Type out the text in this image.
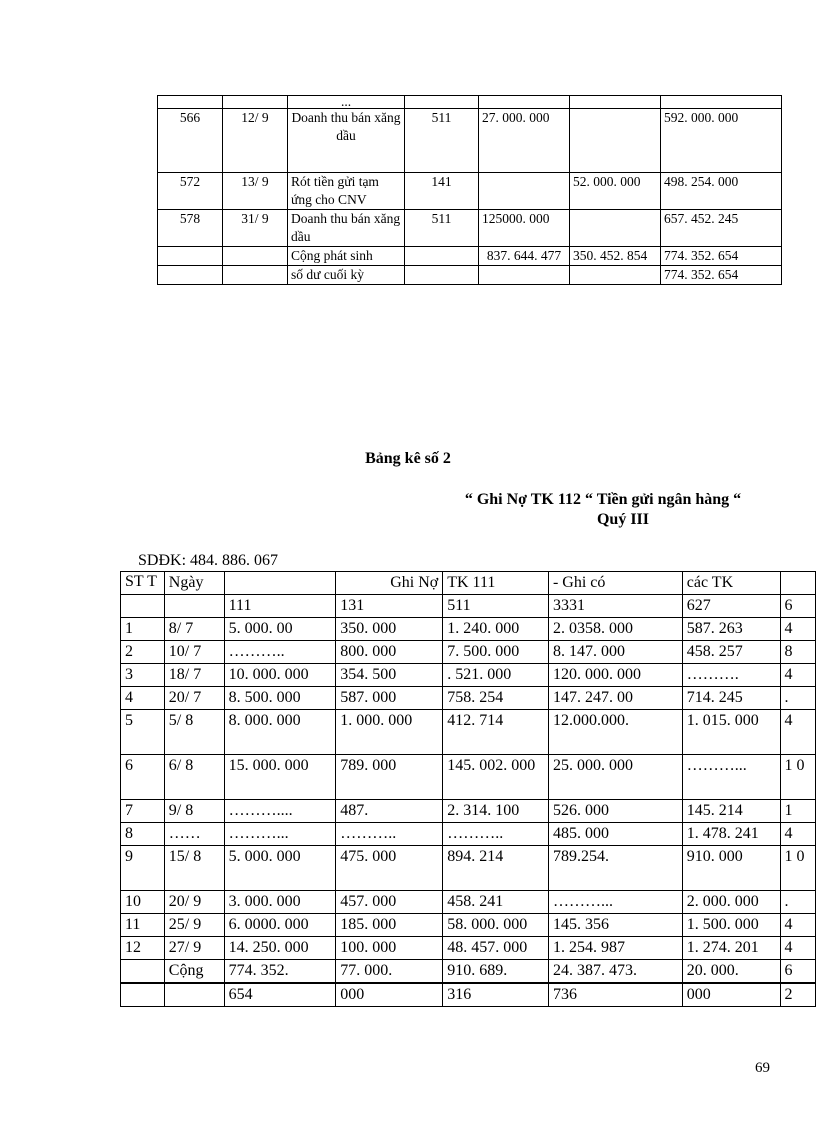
		...				
566	12/ 9	Doanh thu bán xăng dầu	511	27. 000. 000		592. 000. 000
572	13/ 9	Rót tiền gửi tạm ứng cho CNV	141		52. 000. 000	498. 254. 000
578	31/ 9	Doanh thu bán xăng dầu	511	125000. 000		657. 452. 245
		Cộng phát sinh		837. 644. 477	350. 452. 854	774. 352. 654
		số dư cuối kỳ				774. 352. 654
Bảng kê số 2
“ Ghi Nợ TK 112 “ Tiền gửi ngân hàng “
Quý III
SDĐK: 484. 886. 067
ST T	Ngày		Ghi Nợ	TK 111	- Ghi có	các TK	
		111	131	511	3331	627	6
1	8/ 7	5. 000. 00	350. 000	1. 240. 000	2. 0358. 000	587. 263	4
2	10/ 7	………..	800. 000	7. 500. 000	8. 147. 000	458. 257	8
3	18/ 7	10. 000. 000	354. 500	. 521. 000	120. 000. 000	……….	4
4	20/ 7	8. 500. 000	587. 000	758. 254	147. 247. 00	714. 245	.
5	5/ 8	8. 000. 000	1. 000. 000	412. 714	12.000.000.	1. 015. 000	4
6	6/ 8	15. 000. 000	789. 000	145. 002. 000	25. 000. 000	………...	1 0
7	9/ 8	………....	487.	2. 314. 100	526. 000	145. 214	1
8	……	………...	………..	………..	485. 000	1. 478. 241	4
9	15/ 8	5. 000. 000	475. 000	894. 214	789.254.	910. 000	1 0
10	20/ 9	3. 000. 000	457. 000	458. 241	………...	2. 000. 000	.
11	25/ 9	6. 0000. 000	185. 000	58. 000. 000	145. 356	1. 500. 000	4
12	27/ 9	14. 250. 000	100. 000	48. 457. 000	1. 254. 987	1. 274. 201	4
	Cộng	774. 352.	77. 000.	910. 689.	24. 387. 473.	20. 000.	6
		654	000	316	736	000	2
69
